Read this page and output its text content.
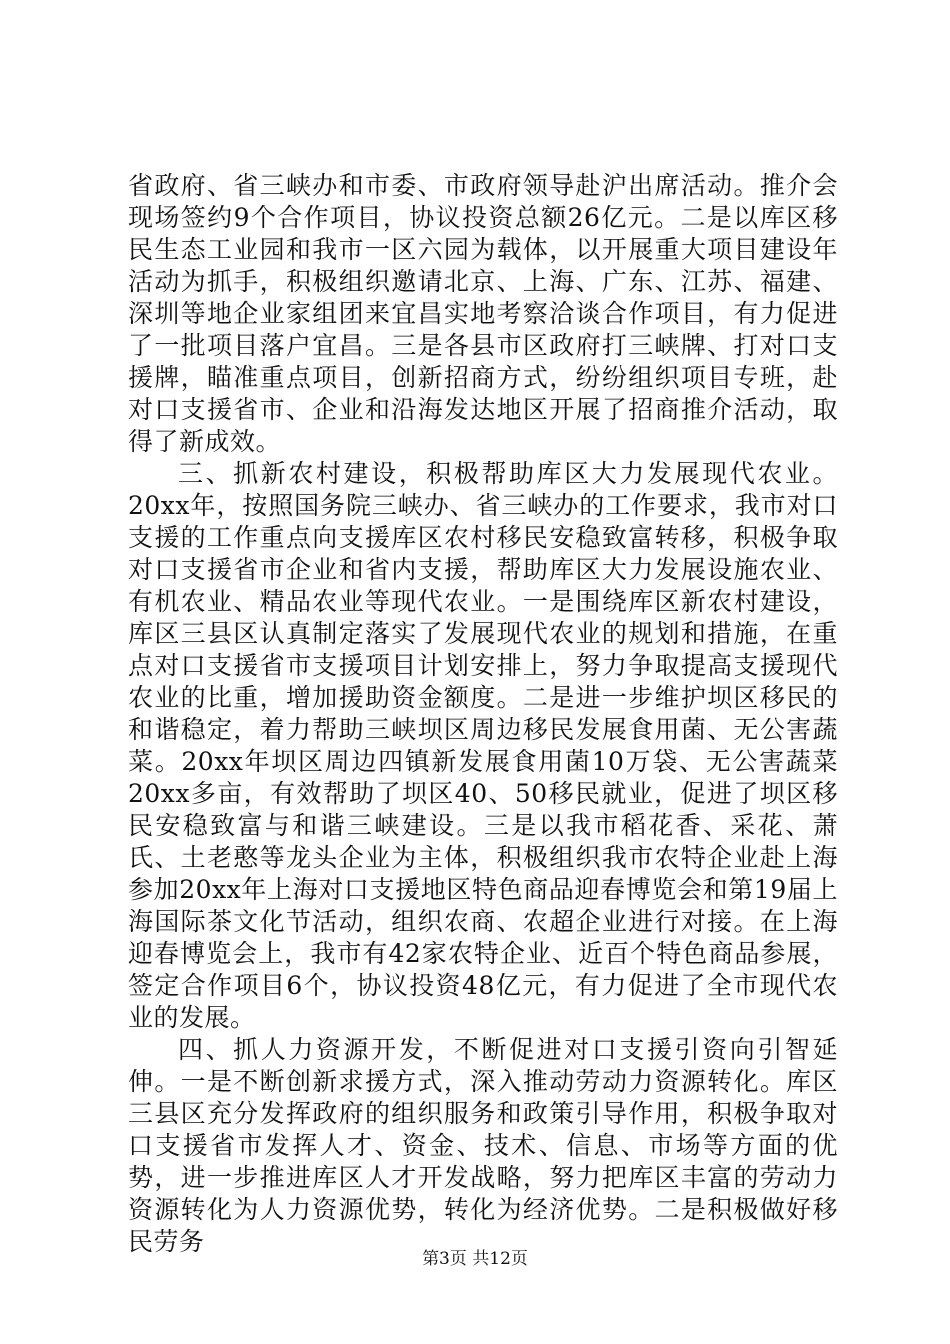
省政府、省三峡办和市委、市政府领导赴沪出席活动。推介会现场签约9个合作项目，协议投资总额26亿元。二是以库区移民生态工业园和我市一区六园为载体，以开展重大项目建设年活动为抓手，积极组织邀请北京、上海、广东、江苏、福建、深圳等地企业家组团来宜昌实地考察洽谈合作项目，有力促进了一批项目落户宜昌。三是各县市区政府打三峡牌、打对口支援牌，瞄准重点项目，创新招商方式，纷纷组织项目专班，赴对口支援省市、企业和沿海发达地区开展了招商推介活动，取得了新成效。

三、抓新农村建设，积极帮助库区大力发展现代农业。20xx年，按照国务院三峡办、省三峡办的工作要求，我市对口支援的工作重点向支援库区农村移民安稳致富转移，积极争取对口支援省市企业和省内支援，帮助库区大力发展设施农业、有机农业、精品农业等现代农业。一是围绕库区新农村建设，库区三县区认真制定落实了发展现代农业的规划和措施，在重点对口支援省市支援项目计划安排上，努力争取提高支援现代农业的比重，增加援助资金额度。二是进一步维护坝区移民的和谐稳定，着力帮助三峡坝区周边移民发展食用菌、无公害蔬菜。20xx年坝区周边四镇新发展食用菌10万袋、无公害蔬菜20xx多亩，有效帮助了坝区40、50移民就业，促进了坝区移民安稳致富与和谐三峡建设。三是以我市稻花香、采花、萧氏、土老憨等龙头企业为主体，积极组织我市农特企业赴上海参加20xx年上海对口支援地区特色商品迎春博览会和第19届上海国际茶文化节活动，组织农商、农超企业进行对接。在上海迎春博览会上，我市有42家农特企业、近百个特色商品参展，签定合作项目6个，协议投资48亿元，有力促进了全市现代农业的发展。

四、抓人力资源开发，不断促进对口支援引资向引智延伸。一是不断创新求援方式，深入推动劳动力资源转化。库区三县区充分发挥政府的组织服务和政策引导作用，积极争取对口支援省市发挥人才、资金、技术、信息、市场等方面的优势，进一步推进库区人才开发战略，努力把库区丰富的劳动力资源转化为人力资源优势，转化为经济优势。二是积极做好移民劳务

第3页 共12页
